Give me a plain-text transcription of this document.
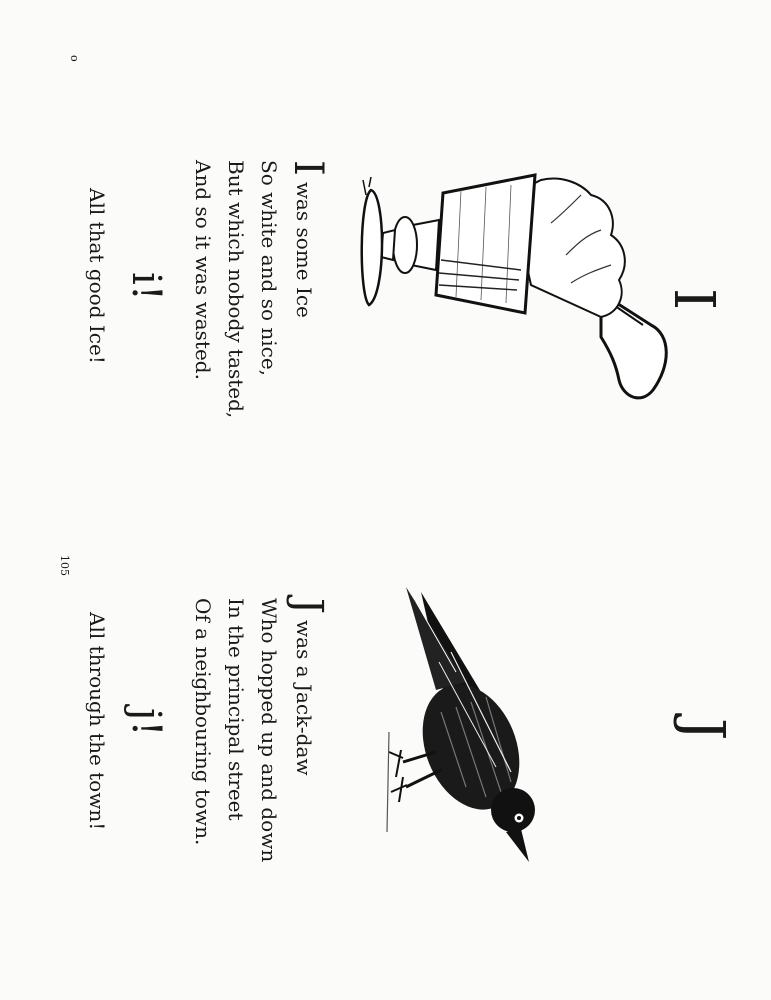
o
105
I
Iwas some Ice
So white and so nice,
But which nobody tasted,
And so it was wasted.
i!
All that good Ice!
J
Jwas a Jack-daw
Who hopped up and down
In the principal street
Of a neighbouring town.
j!
All through the town!
